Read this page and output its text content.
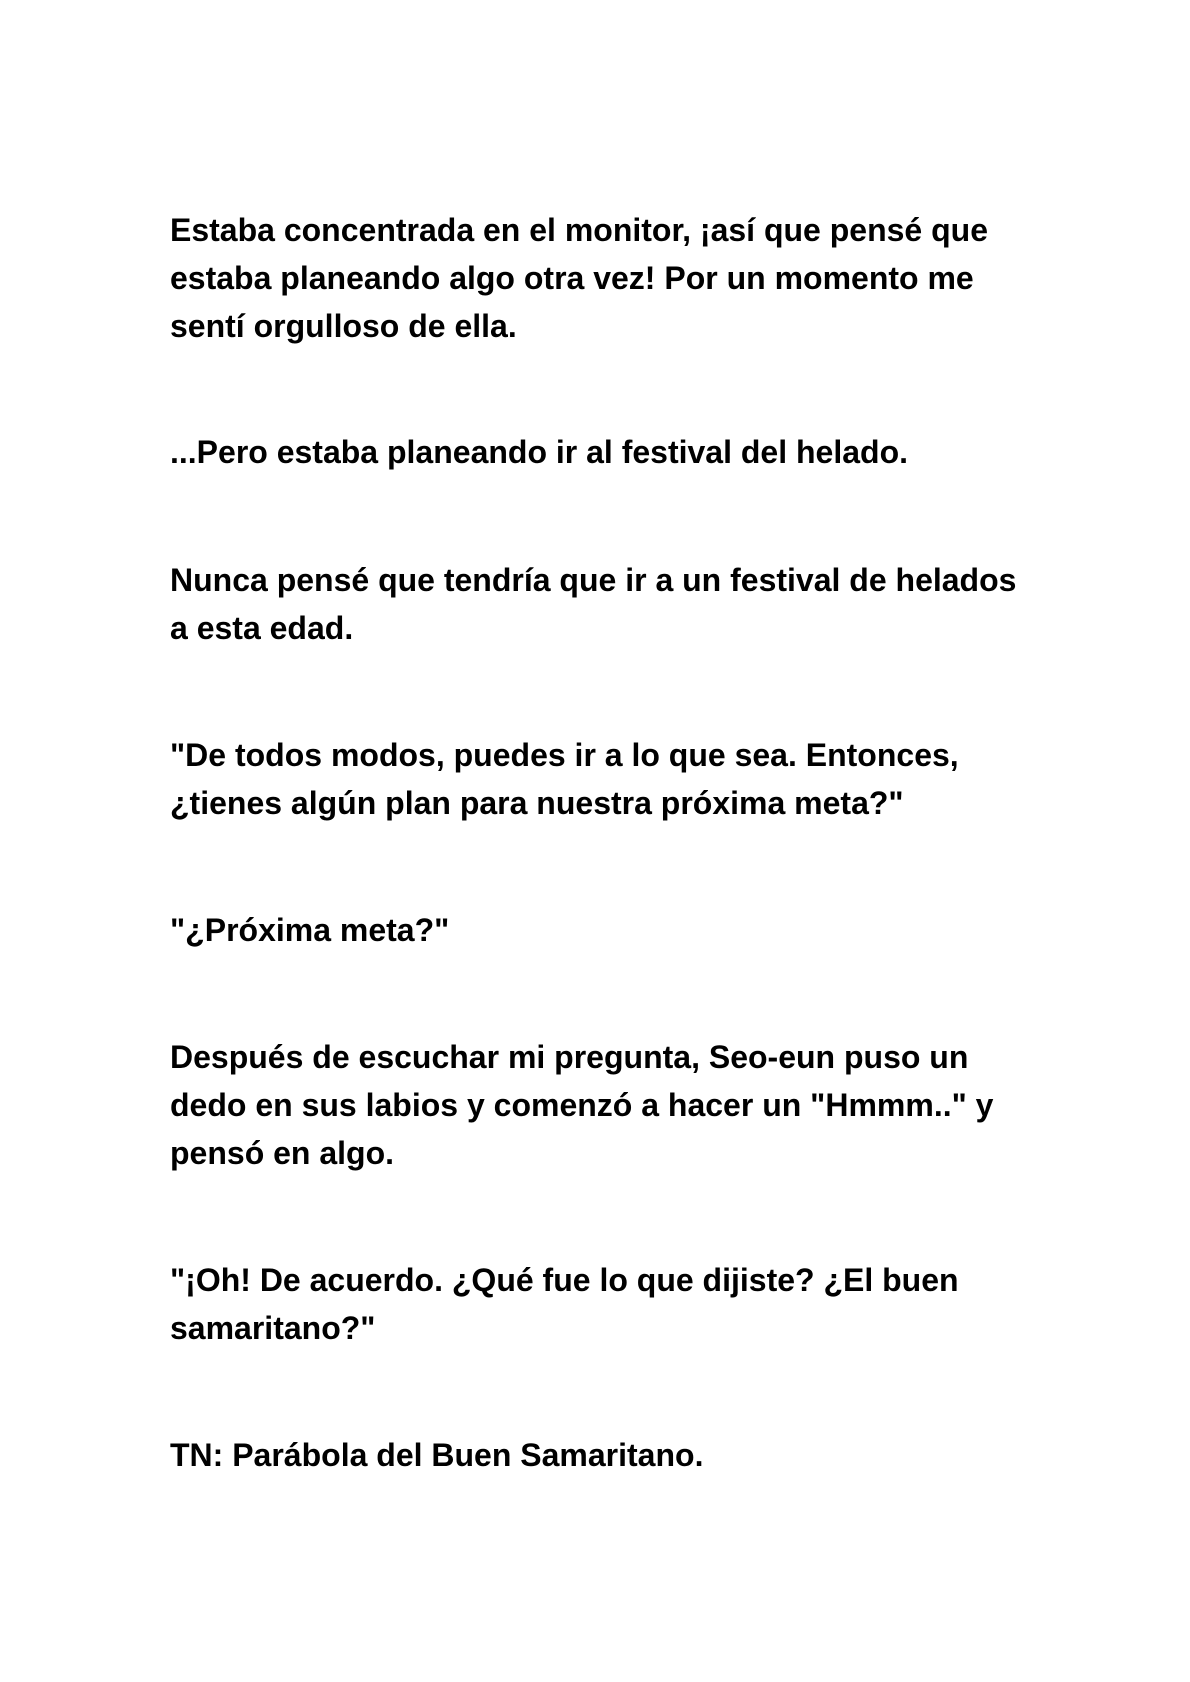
Estaba concentrada en el monitor, ¡así que pensé que
estaba planeando algo otra vez! Por un momento me
sentí orgulloso de ella.

...Pero estaba planeando ir al festival del helado.

Nunca pensé que tendría que ir a un festival de helados
a esta edad.

"De todos modos, puedes ir a lo que sea. Entonces,
¿tienes algún plan para nuestra próxima meta?"

"¿Próxima meta?"

Después de escuchar mi pregunta, Seo-eun puso un
dedo en sus labios y comenzó a hacer un "Hmmm.." y
pensó en algo.

"¡Oh! De acuerdo. ¿Qué fue lo que dijiste? ¿El buen
samaritano?"

TN: Parábola del Buen Samaritano.
